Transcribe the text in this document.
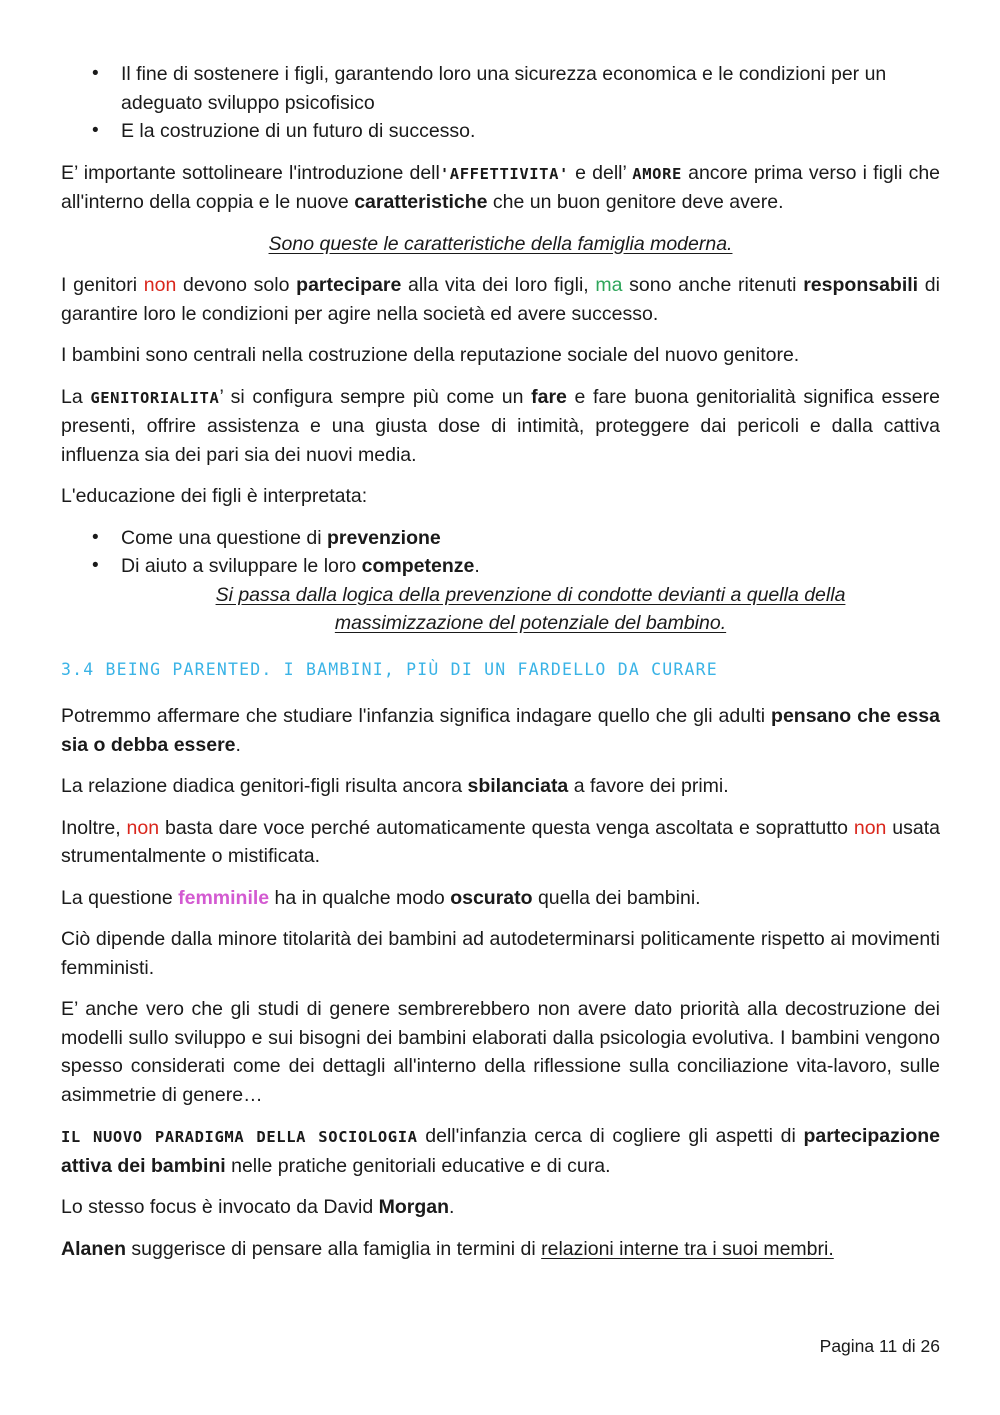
• Il fine di sostenere i figli, garantendo loro una sicurezza economica e le condizioni per un adeguato sviluppo psicofisico
• E la costruzione di un futuro di successo.

E’ importante sottolineare l'introduzione dell'AFFETTIVITA' e dell’ AMORE ancore prima verso i figli che all'interno della coppia e le nuove caratteristiche che un buon genitore deve avere.

Sono queste le caratteristiche della famiglia moderna.

I genitori non devono solo partecipare alla vita dei loro figli, ma sono anche ritenuti responsabili di garantire loro le condizioni per agire nella società ed avere successo.

I bambini sono centrali nella costruzione della reputazione sociale del nuovo genitore.

La GENITORIALITA’ si configura sempre più come un fare e fare buona genitorialità significa essere presenti, offrire assistenza e una giusta dose di intimità, proteggere dai pericoli e dalla cattiva influenza sia dei pari sia dei nuovi media.

L'educazione dei figli è interpretata:

• Come una questione di prevenzione
• Di aiuto a sviluppare le loro competenze.

Si passa dalla logica della prevenzione di condotte devianti a quella della massimizzazione del potenziale del bambino.

3.4 BEING PARENTED. I BAMBINI, PIÙ DI UN FARDELLO DA CURARE

Potremmo affermare che studiare l'infanzia significa indagare quello che gli adulti pensano che essa sia o debba essere.

La relazione diadica genitori-figli risulta ancora sbilanciata a favore dei primi.

Inoltre, non basta dare voce perché automaticamente questa venga ascoltata e soprattutto non usata strumentalmente o mistificata.

La questione femminile ha in qualche modo oscurato quella dei bambini.

Ciò dipende dalla minore titolarità dei bambini ad autodeterminarsi politicamente rispetto ai movimenti femministi.

E’ anche vero che gli studi di genere sembrerebbero non avere dato priorità alla decostruzione dei modelli sullo sviluppo e sui bisogni dei bambini elaborati dalla psicologia evolutiva. I bambini vengono spesso considerati come dei dettagli all'interno della riflessione sulla conciliazione vita-lavoro, sulle asimmetrie di genere…

IL NUOVO PARADIGMA DELLA SOCIOLOGIA dell'infanzia cerca di cogliere gli aspetti di partecipazione attiva dei bambini nelle pratiche genitoriali educative e di cura.

Lo stesso focus è invocato da David Morgan.

Alanen suggerisce di pensare alla famiglia in termini di relazioni interne tra i suoi membri.

Pagina 11 di 26
